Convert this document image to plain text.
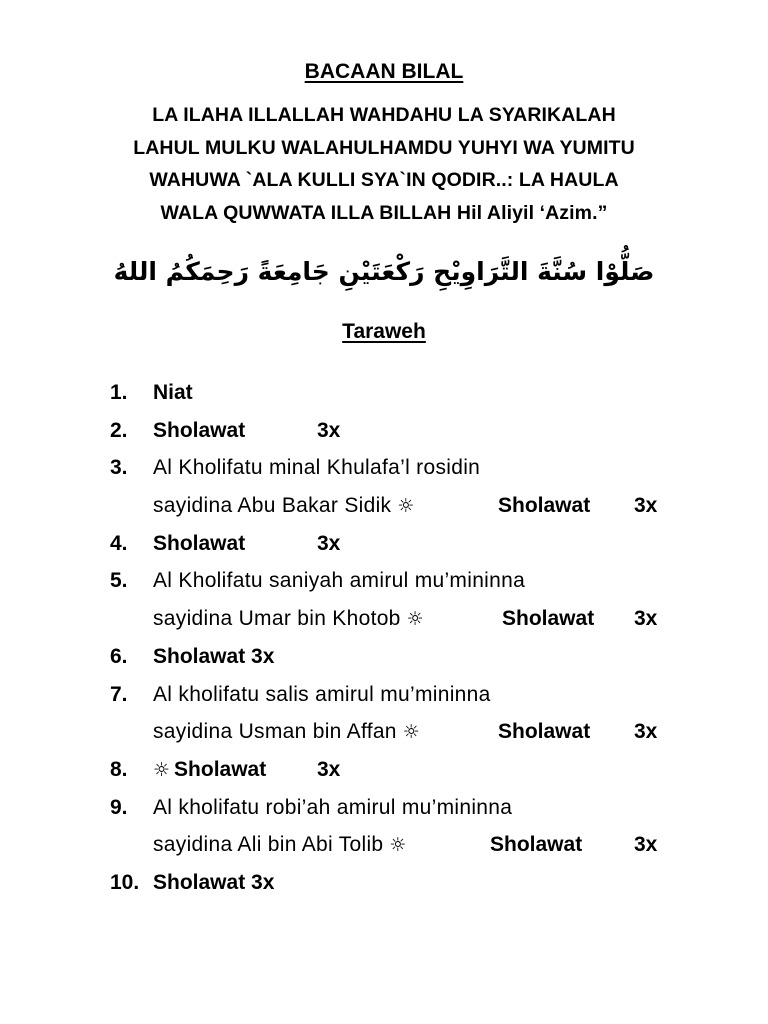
BACAAN BILAL
LA ILAHA ILLALLAH WAHDAHU LA SYARIKALAH
LAHUL MULKU WALAHULHAMDU YUHYI WA YUMITU
WAHUWA `ALA KULLI SYA`IN QODIR..: LA HAULA
WALA QUWWATA ILLA BILLAH Hil Aliyil ‘Azim.”
صَلُّوْا سُنَّةَ التَّرَاوِيْحِ رَكْعَتَيْنِ جَامِعَةً رَحِمَكُمُ اللهُ
Taraweh
1. Niat
2. Sholawat	3x
3. Al Kholifatu minal Khulafa’l rosidin
sayidina Abu Bakar Sidik ☼	Sholawat 3x
4. Sholawat	3x
5. Al Kholifatu saniyah amirul mu’mininna
sayidina Umar bin Khotob ☼	Sholawat 3x
6. Sholawat 3x
7. Al kholifatu salis amirul mu’mininna
sayidina Usman bin Affan ☼	Sholawat 3x
8. ☼ Sholawat 3x
9. Al kholifatu robi’ah amirul mu’mininna
sayidina Ali bin Abi Tolib ☼	Sholawat 3x
10. Sholawat 3x
